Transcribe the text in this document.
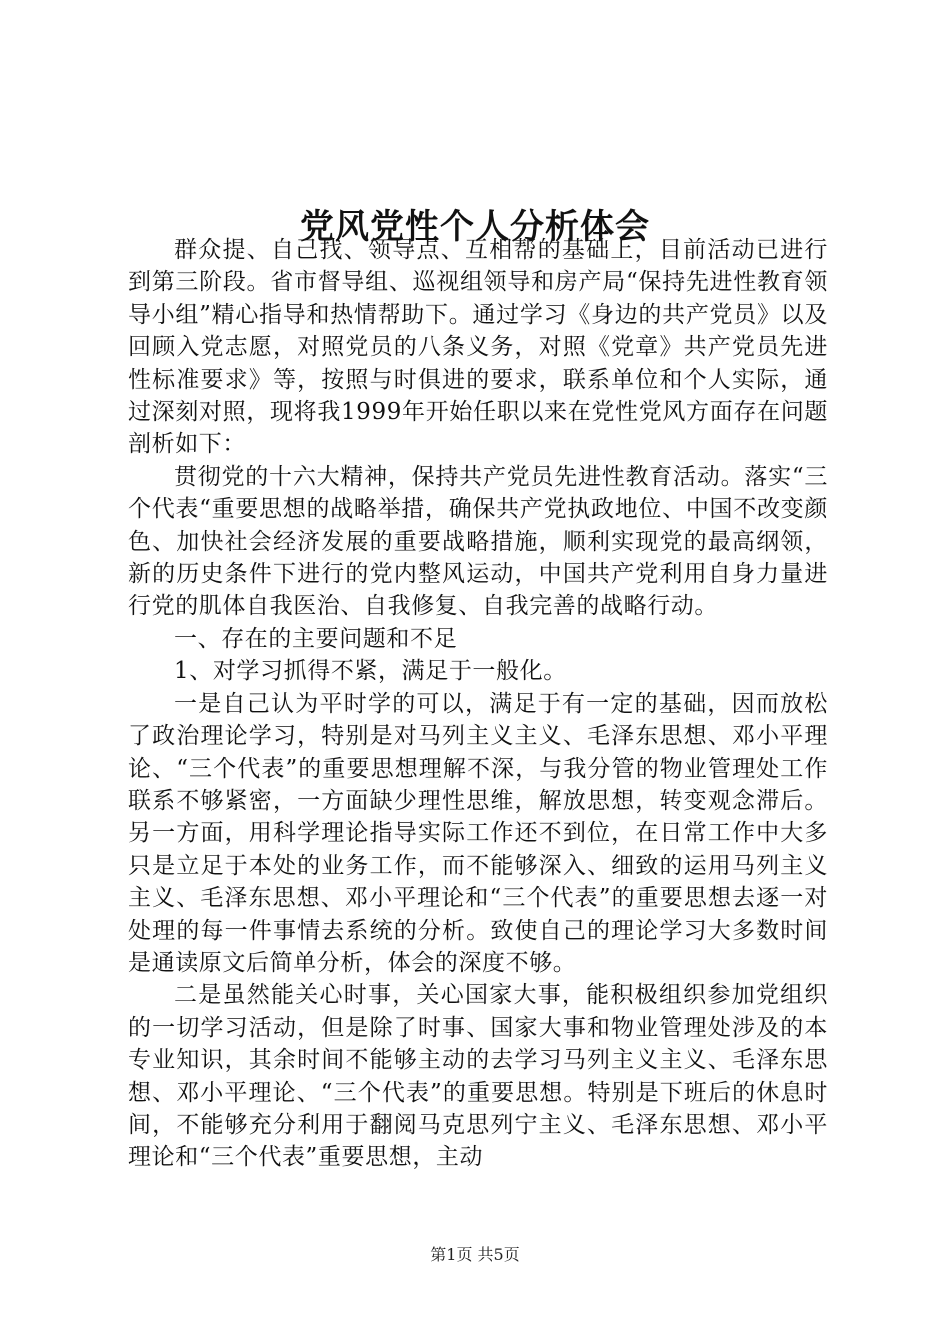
党风党性个人分析体会

群众提、自己找、领导点、互相帮的基础上，目前活动已进行到第三阶段。省市督导组、巡视组领导和房产局“保持先进性教育领导小组”精心指导和热情帮助下。通过学习《身边的共产党员》以及回顾入党志愿，对照党员的八条义务，对照《党章》共产党员先进性标准要求》等，按照与时俱进的要求，联系单位和个人实际，通过深刻对照，现将我1999年开始任职以来在党性党风方面存在问题剖析如下：

贯彻党的十六大精神，保持共产党员先进性教育活动。落实“三个代表“重要思想的战略举措，确保共产党执政地位、中国不改变颜色、加快社会经济发展的重要战略措施，顺利实现党的最高纲领，新的历史条件下进行的党内整风运动，中国共产党利用自身力量进行党的肌体自我医治、自我修复、自我完善的战略行动。

一、存在的主要问题和不足

1、对学习抓得不紧，满足于一般化。

一是自己认为平时学的可以，满足于有一定的基础，因而放松了政治理论学习，特别是对马列主义主义、毛泽东思想、邓小平理论、“三个代表”的重要思想理解不深，与我分管的物业管理处工作联系不够紧密，一方面缺少理性思维，解放思想，转变观念滞后。另一方面，用科学理论指导实际工作还不到位，在日常工作中大多只是立足于本处的业务工作，而不能够深入、细致的运用马列主义主义、毛泽东思想、邓小平理论和“三个代表”的重要思想去逐一对处理的每一件事情去系统的分析。致使自己的理论学习大多数时间是通读原文后简单分析，体会的深度不够。

二是虽然能关心时事，关心国家大事，能积极组织参加党组织的一切学习活动，但是除了时事、国家大事和物业管理处涉及的本专业知识，其余时间不能够主动的去学习马列主义主义、毛泽东思想、邓小平理论、“三个代表”的重要思想。特别是下班后的休息时间，不能够充分利用于翻阅马克思列宁主义、毛泽东思想、邓小平理论和“三个代表”重要思想，主动

第1页 共5页
